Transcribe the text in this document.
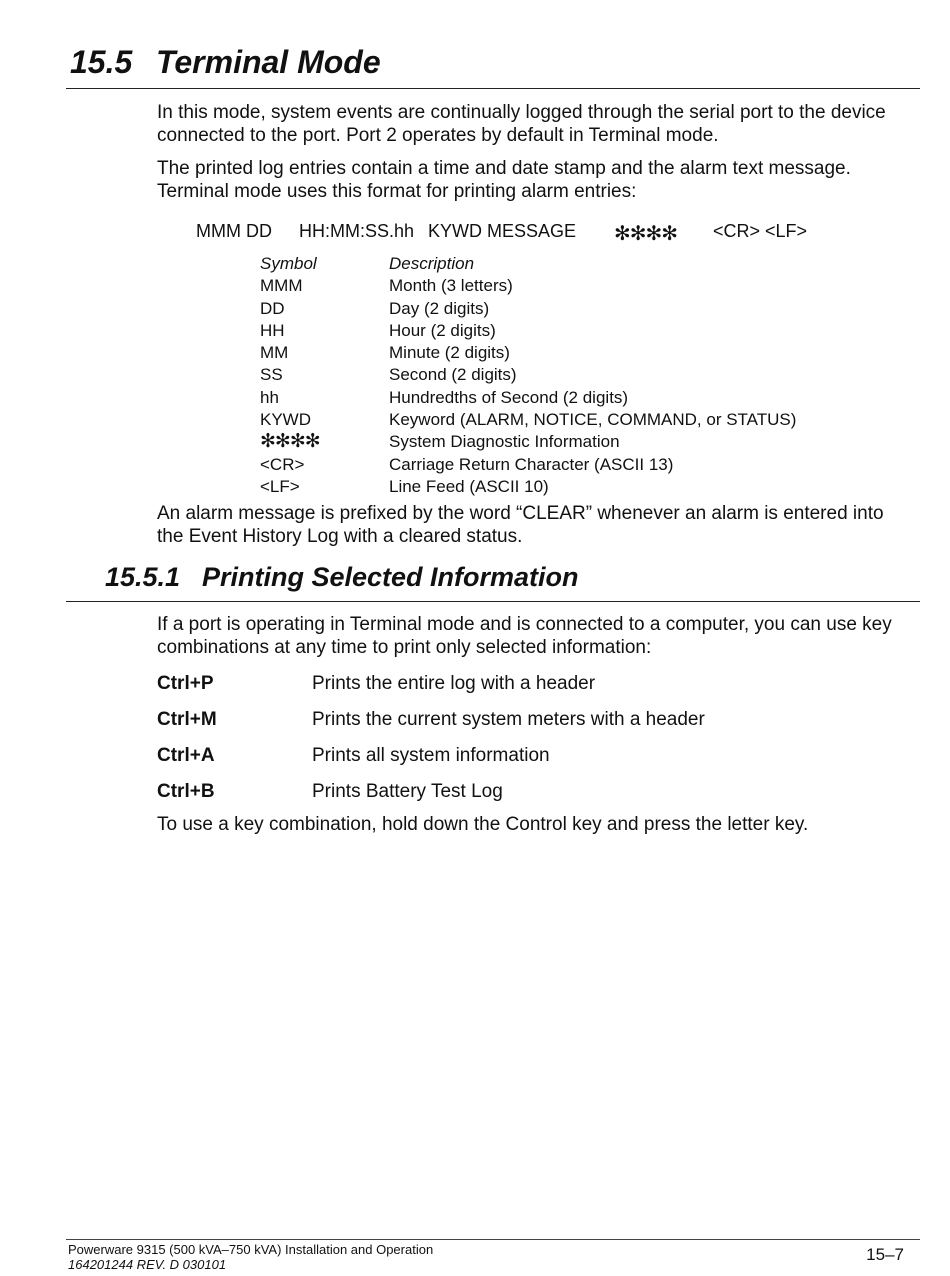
15.5 Terminal Mode
In this mode, system events are continually logged through the serial port to the device connected to the port. Port 2 operates by default in Terminal mode.
The printed log entries contain a time and date stamp and the alarm text message. Terminal mode uses this format for printing alarm entries:
MMM DD HH:MM:SS.hh KYWD MESSAGE ✻✻✻✻ <CR> <LF>
Symbol	Description
MMM	Month (3 letters)
DD	Day (2 digits)
HH	Hour (2 digits)
MM	Minute (2 digits)
SS	Second (2 digits)
hh	Hundredths of Second (2 digits)
KYWD	Keyword (ALARM, NOTICE, COMMAND, or STATUS)
✻✻✻✻	System Diagnostic Information
<CR>	Carriage Return Character (ASCII 13)
<LF>	Line Feed (ASCII 10)
An alarm message is prefixed by the word “CLEAR” whenever an alarm is entered into the Event History Log with a cleared status.
15.5.1 Printing Selected Information
If a port is operating in Terminal mode and is connected to a computer, you can use key combinations at any time to print only selected information:
Ctrl+P	Prints the entire log with a header
Ctrl+M	Prints the current system meters with a header
Ctrl+A	Prints all system information
Ctrl+B	Prints Battery Test Log
To use a key combination, hold down the Control key and press the letter key.
Powerware 9315 (500 kVA–750 kVA) Installation and Operation
164201244 REV. D 030101
15–7
